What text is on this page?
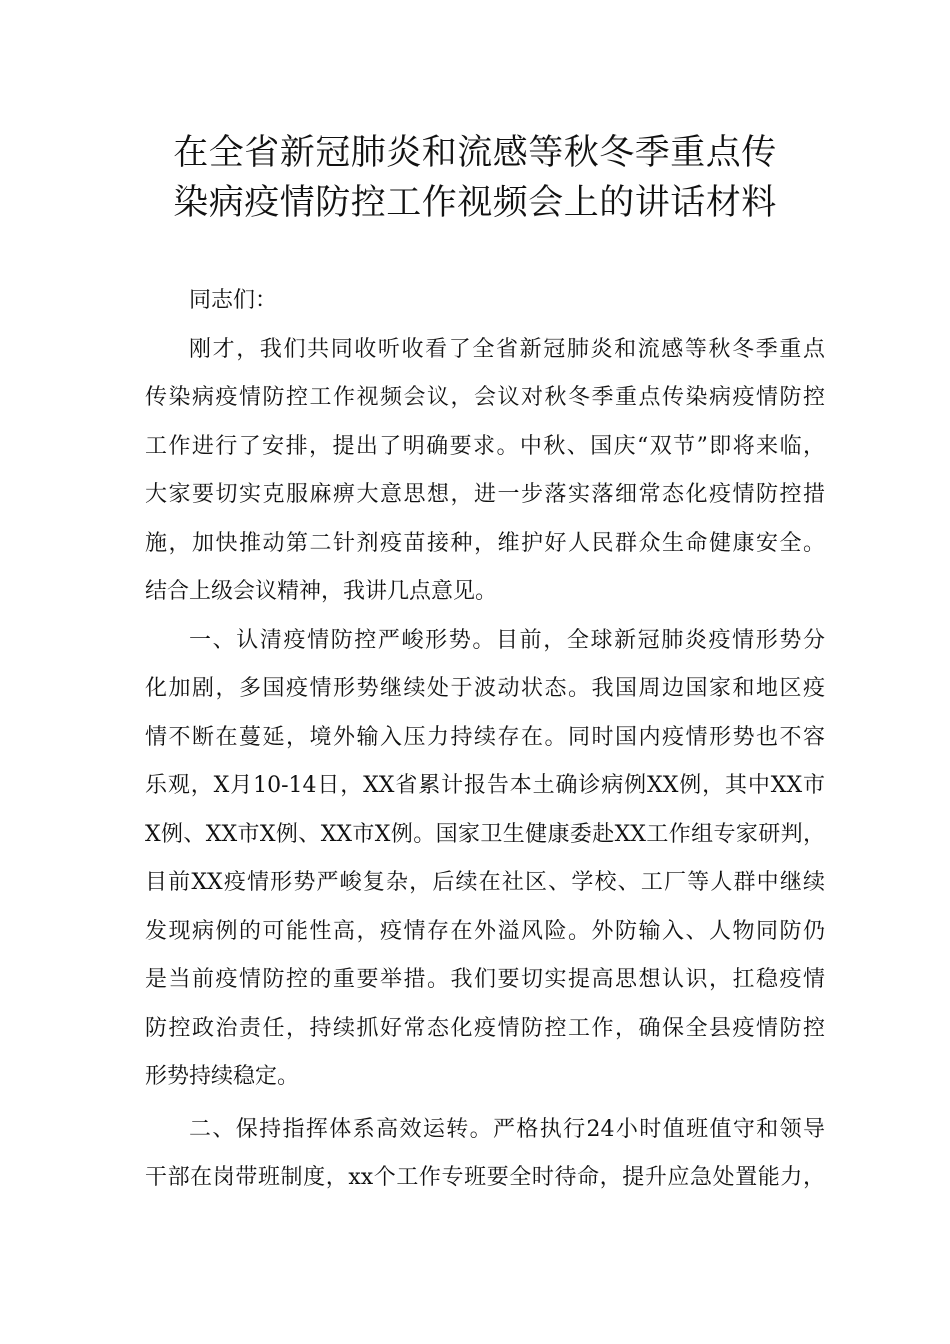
在全省新冠肺炎和流感等秋冬季重点传
染病疫情防控工作视频会上的讲话材料

同志们：

刚才，我们共同收听收看了全省新冠肺炎和流感等秋冬季重点
传染病疫情防控工作视频会议，会议对秋冬季重点传染病疫情防控
工作进行了安排，提出了明确要求。中秋、国庆“双节”即将来临，
大家要切实克服麻痹大意思想，进一步落实落细常态化疫情防控措
施，加快推动第二针剂疫苗接种，维护好人民群众生命健康安全。
结合上级会议精神，我讲几点意见。

一、认清疫情防控严峻形势。目前，全球新冠肺炎疫情形势分
化加剧，多国疫情形势继续处于波动状态。我国周边国家和地区疫
情不断在蔓延，境外输入压力持续存在。同时国内疫情形势也不容
乐观，X月10-14日，XX省累计报告本土确诊病例XX例，其中XX市
X例、XX市X例、XX市X例。国家卫生健康委赴XX工作组专家研判，
目前XX疫情形势严峻复杂，后续在社区、学校、工厂等人群中继续
发现病例的可能性高，疫情存在外溢风险。外防输入、人物同防仍
是当前疫情防控的重要举措。我们要切实提高思想认识，扛稳疫情
防控政治责任，持续抓好常态化疫情防控工作，确保全县疫情防控
形势持续稳定。

二、保持指挥体系高效运转。严格执行24小时值班值守和领导
干部在岗带班制度，xx个工作专班要全时待命，提升应急处置能力，
